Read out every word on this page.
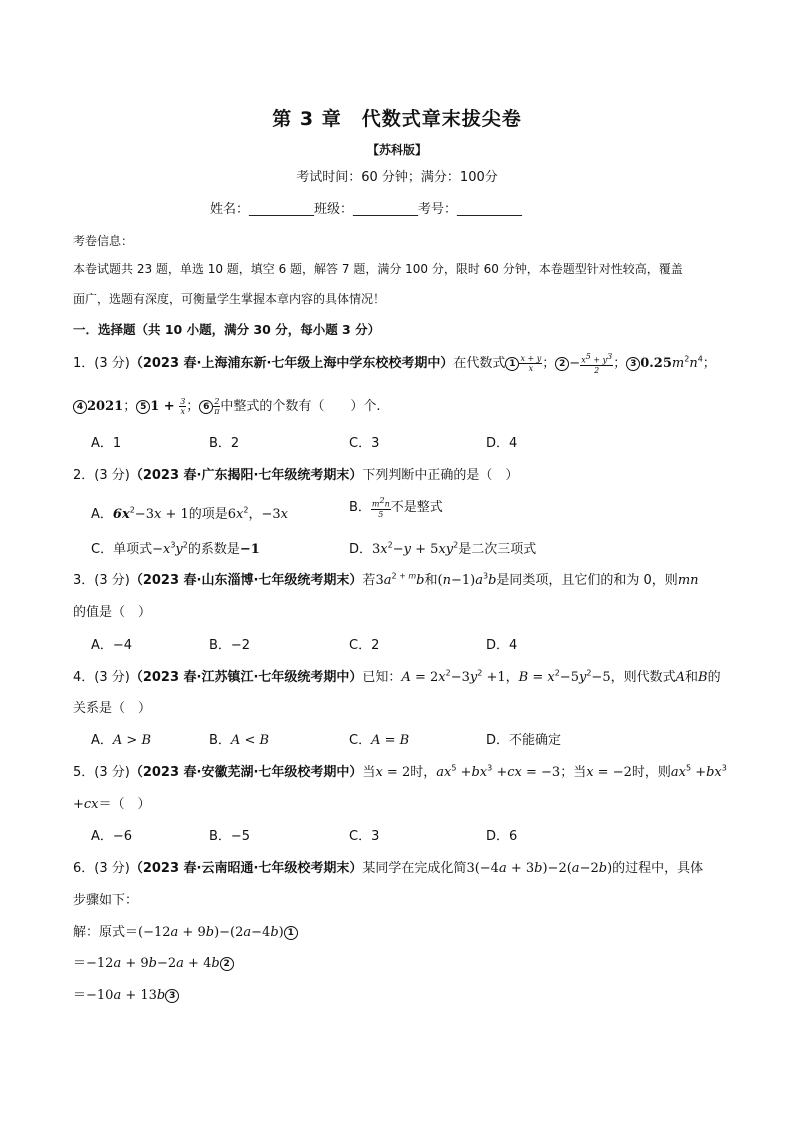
第 3 章　代数式章末拔尖卷
【苏科版】
考试时间：60 分钟；满分：100分
姓名：__________班级：__________考号：__________
考卷信息：
本卷试题共 23 题，单选 10 题，填空 6 题，解答 7 题，满分 100 分，限时 60 分钟，本卷题型针对性较高，覆盖
面广，选题有深度，可衡量学生掌握本章内容的具体情况！
一．选择题（共 10 小题，满分 30 分，每小题 3 分）
1．(3 分)（2023 春·上海浦东新·七年级上海中学东校校考期中）在代数式 $1 \frac{x + y}{x}$ ； $2 - \frac{x^5 + y^3}{2}$ ； 3 $0.25m^2n^4$；
4 2021； 5 $1 + \frac{3}{x}$ ； $6 \frac{2}{\pi}$ 中整式的个数有（　　）个.
A．1	B．2	C．3	D．4
2．(3 分)（2023 春·广东揭阳·七年级统考期末）下列判断中正确的是（　）
A．$6x^2-3x + 1$的项是$6x^2$，−3x	B． $\frac{m^2n}{5}$ 不是整式
C．单项式$-x^3y^2$的系数是−1	D．$3x^2-y + 5xy^2$是二次三项式
3．(3 分)（2023 春·山东淄博·七年级统考期末）若$3a^{2 + m}b$和$(n-1)a^3b$是同类项，且它们的和为 0，则mn
的值是（　）
A．−4	B．−2	C．2	D．4
4．(3 分)（2023 春·江苏镇江·七年级统考期中）已知：$A = 2x^2-3y^2 +1$，$B = x^2-5y^2-5$，则代数式A和B的
关系是（　）
A．A > B	B．A < B	C．A = B	D．不能确定
5．(3 分)（2023 春·安徽芜湖·七年级校考期中）当x = 2时，$ax^5 +bx^3 +cx = -3$；当x = −2时，则$ax^5 +bx^3$
+cx＝（　）
A．−6	B．−5	C．3	D．6
6．(3 分)（2023 春·云南昭通·七年级校考期末）某同学在完成化简3(−4a + 3b)−2(a−2b)的过程中，具体
步骤如下：
解：原式＝(−12a + 9b)−(2a−4b) 1
＝−12a + 9b−2a + 4b 2
＝−10a + 13b 3
